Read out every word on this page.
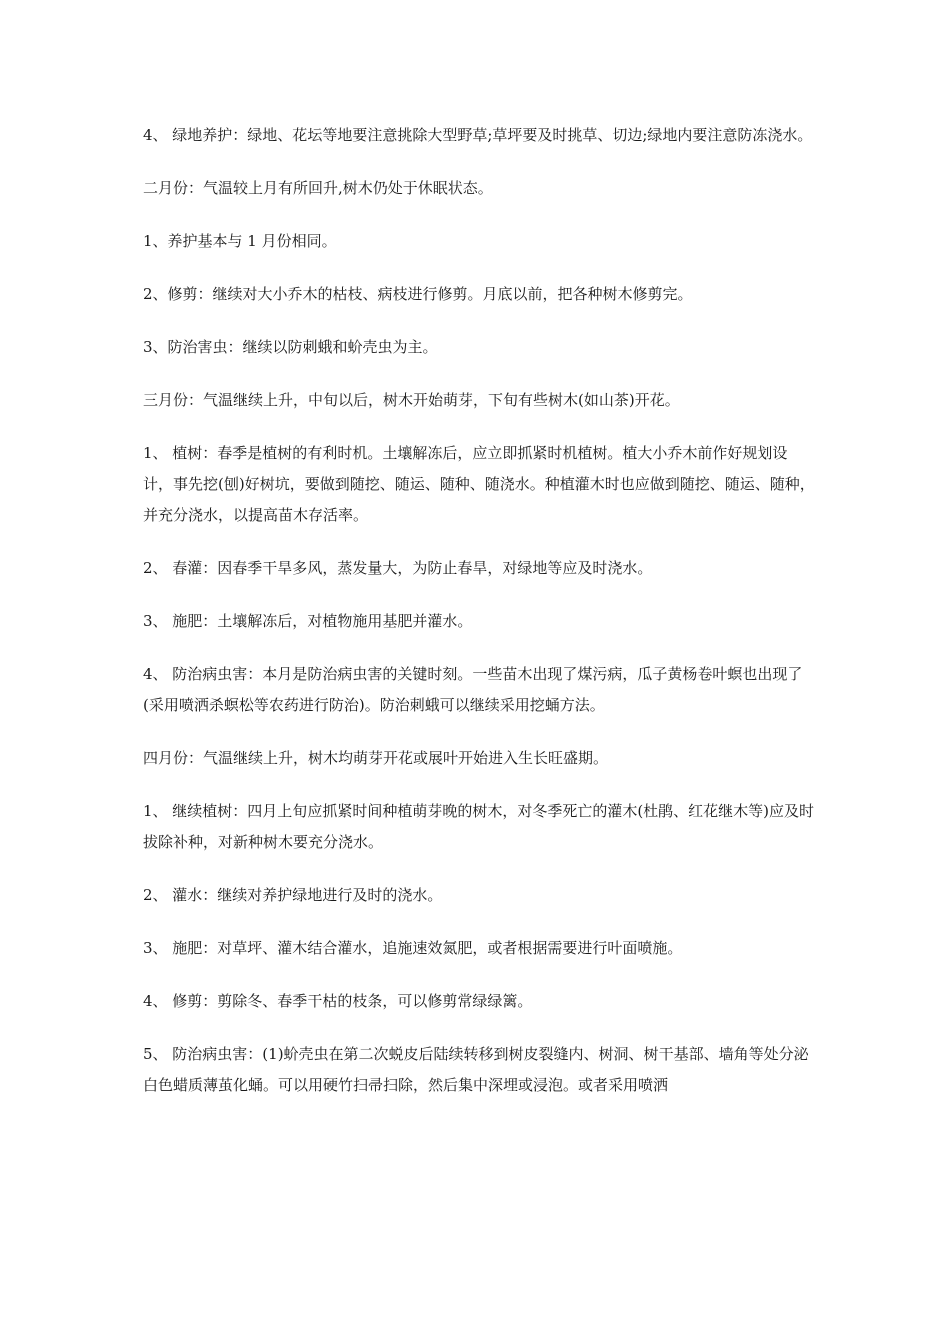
4、 绿地养护：绿地、花坛等地要注意挑除大型野草;草坪要及时挑草、切边;绿地内要注意防冻浇水。

二月份：气温较上月有所回升,树木仍处于休眠状态。

1、养护基本与 1 月份相同。

2、修剪：继续对大小乔木的枯枝、病枝进行修剪。月底以前，把各种树木修剪完。

3、防治害虫：继续以防刺蛾和蚧壳虫为主。

三月份：气温继续上升，中旬以后，树木开始萌芽，下旬有些树木(如山茶)开花。

1、 植树：春季是植树的有利时机。土壤解冻后，应立即抓紧时机植树。植大小乔木前作好规划设计，事先挖(刨)好树坑，要做到随挖、随运、随种、随浇水。种植灌木时也应做到随挖、随运、随种，并充分浇水，以提高苗木存活率。

2、 春灌：因春季干旱多风，蒸发量大，为防止春旱，对绿地等应及时浇水。

3、 施肥：土壤解冻后，对植物施用基肥并灌水。

4、 防治病虫害：本月是防治病虫害的关键时刻。一些苗木出现了煤污病，瓜子黄杨卷叶螟也出现了(采用喷洒杀螟松等农药进行防治)。防治刺蛾可以继续采用挖蛹方法。

四月份：气温继续上升，树木均萌芽开花或展叶开始进入生长旺盛期。

1、 继续植树：四月上旬应抓紧时间种植萌芽晚的树木，对冬季死亡的灌木(杜鹃、红花继木等)应及时拔除补种，对新种树木要充分浇水。

2、 灌水：继续对养护绿地进行及时的浇水。

3、 施肥：对草坪、灌木结合灌水，追施速效氮肥，或者根据需要进行叶面喷施。

4、 修剪：剪除冬、春季干枯的枝条，可以修剪常绿绿篱。

5、 防治病虫害：(1)蚧壳虫在第二次蜕皮后陆续转移到树皮裂缝内、树洞、树干基部、墙角等处分泌白色蜡质薄茧化蛹。可以用硬竹扫帚扫除，然后集中深埋或浸泡。或者采用喷洒
